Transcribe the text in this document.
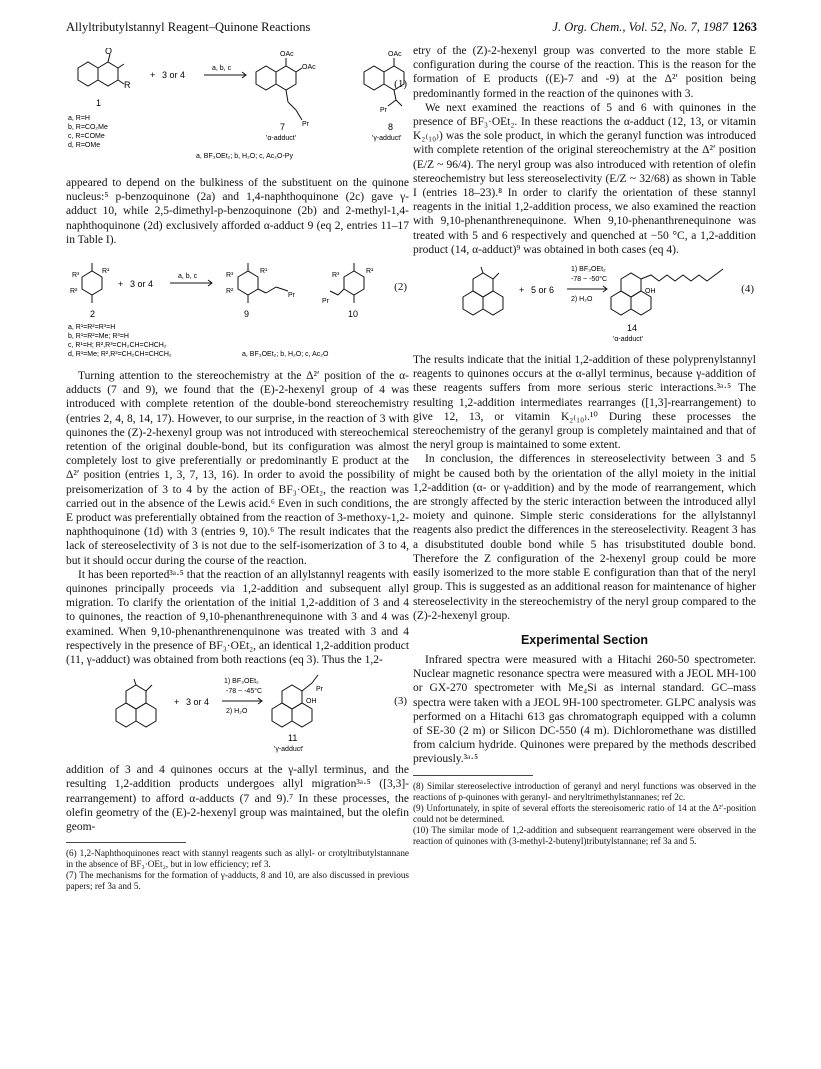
Allyltributylstannyl Reagent–Quinone Reactions	J. Org. Chem., Vol. 52, No. 7, 1987 1263
O
R
1
+ 3 or 4
a, b, c
OAc
OAc
Pr
7
'α-adduct'
OAc
Pr
8
'γ-adduct'
a, R=H
b, R=CO₂Me
c, R=COMe
d, R=OMe
a, BF₃OEt₂; b, H₂O; c, Ac₂O-Py
(1)

appeared to depend on the bulkiness of the substituent on the quinone nucleus:⁵ p-benzoquinone (2a) and 1,4-naphthoquinone (2c) gave γ-adduct 10, while 2,5-dimethyl-p-benzoquinone (2b) and 2-methyl-1,4-naphthoquinone (2d) exclusively afforded α-adduct 9 (eq 2, entries 11–17 in Table I).

R³
R¹
R²
2
+ 3 or 4
a, b, c	R³
R²
R¹
Pr
9
R³
R¹
Pr
10
a, R¹=R²=R³=H
b, R¹=R²=Me; R³=H
c, R¹=H; R²,R³=CH₂CH=CHCH₂
d, R¹=Me; R²,R³=CH₂CH=CHCH₂	a, BF₃OEt₂; b, H₂O; c, Ac₂O
(2)

Turning attention to the stereochemistry at the Δ²ʹ position of the α-adducts (7 and 9), we found that the (E)-2-hexenyl group of 4 was introduced with complete retention of the double-bond stereochemistry (entries 2, 4, 8, 14, 17). However, to our surprise, in the reaction of 3 with quinones the (Z)-2-hexenyl group was not introduced with stereochemical retention of the original double-bond, but its configuration was almost completely lost to give preferentially or predominantly E product at the Δ²ʹ position (entries 1, 3, 7, 13, 16). In order to avoid the possibility of preisomerization of 3 to 4 by the action of BF₃·OEt₂, the reaction was carried out in the absence of the Lewis acid.⁶ Even in such conditions, the E product was preferentially obtained from the reaction of 3-methoxy-1,2-naphthoquinone (1d) with 3 (entries 9, 10).⁶ The result indicates that the lack of stereoselectivity of 3 is not due to the self-isomerization of 3 to 4, but it should occur during the course of the reaction.

It has been reported³ᵃ·⁵ that the reaction of an allylstannyl reagents with quinones principally proceeds via 1,2-addition and subsequent allyl migration. To clarify the orientation of the initial 1,2-addition of 3 and 4 to quinones, the reaction of 9,10-phenanthrenequinone with 3 and 4 was examined. When 9,10-phenanthrenenquinone was treated with 3 and 4 respectively in the presence of BF₃·OEt₂, an identical 1,2-addition product (11, γ-adduct) was obtained from both reactions (eq 3). Thus the 1,2-

+ 3 or 4
1) BF₃OEt₂
-78 ~ -45°C
2) H₂O
Pr
OH
11
'γ-adduct'
(3)

addition of 3 and 4 quinones occurs at the γ-allyl terminus, and the resulting 1,2-addition products undergoes allyl migration³ᵃ·⁵ ([3,3]-rearrangement) to afford α-adducts (7 and 9).⁷ In these processes, the olefin geometry of the (E)-2-hexenyl group was maintained, but the olefin geom-

(6) 1,2-Naphthoquinones react with stannyl reagents such as allyl- or crotyltributylstannane in the absence of BF₃·OEt₂, but in low efficiency; ref 3.

(7) The mechanisms for the formation of γ-adducts, 8 and 10, are also discussed in previous papers; ref 3a and 5.

etry of the (Z)-2-hexenyl group was converted to the more stable E configuration during the course of the reaction. This is the reason for the formation of E products ((E)-7 and -9) at the Δ²ʹ position being predominantly formed in the reaction of the quinones with 3.

We next examined the reactions of 5 and 6 with quinones in the presence of BF₃·OEt₂. In these reactions the α-adduct (12, 13, or vitamin K₂₍₁₀₎) was the sole product, in which the geranyl function was introduced with complete retention of the original stereochemistry at the Δ²ʹ position (E/Z ~ 96/4). The neryl group was also introduced with retention of olefin stereochemistry but less stereoselectivity (E/Z ~ 32/68) as shown in Table I (entries 18–23).⁸ In order to clarify the orientation of these stannyl reagents in the initial 1,2-addition process, we also examined the reaction with 9,10-phenanthrenequinone. When 9,10-phenanthrenequinone was treated with 5 and 6 respectively and quenched at −50 °C, a 1,2-addition product (14, α-adduct)⁹ was obtained in both cases (eq 4).

+ 5 or 6
1) BF₃OEt₂
-78 ~ -50°C
2) H₂O
OH
14
'α-adduct'
(4)

The results indicate that the initial 1,2-addition of these polyprenylstannyl reagents to quinones occurs at the α-allyl terminus, because γ-addition of these reagents suffers from more serious steric interactions.³ᵃ·⁵ The resulting 1,2-addition intermediates rearranges ([1,3]-rearrangement) to give 12, 13, or vitamin K₂₍₁₀₎.¹⁰ During these processes the stereochemistry of the geranyl group is completely maintained and that of the neryl group is maintained to some extent.

In conclusion, the differences in stereoselectivity between 3 and 5 might be caused both by the orientation of the allyl moiety in the initial 1,2-addition (α- or γ-addition) and by the mode of rearrangement, which are strongly affected by the steric interaction between the introduced allyl moiety and quinone. Simple steric considerations for the allylstannyl reagents also predict the differences in the stereoselectivity. Reagent 3 has a disubstituted double bond while 5 has trisubstituted double bond. Therefore the Z configuration of the 2-hexenyl group could be more easily isomerized to the more stable E configuration than that of the neryl group. This is suggested as an additional reason for maintenance of higher stereoselectivity in the stereochemistry of the neryl group compared to the (Z)-2-hexenyl group.

Experimental Section

Infrared spectra were measured with a Hitachi 260-50 spectrometer. Nuclear magnetic resonance spectra were measured with a JEOL MH-100 or GX-270 spectrometer with Me₄Si as internal standard. GC–mass spectra were taken with a JEOL 9H-100 spectrometer. GLPC analysis was performed on a Hitachi 613 gas chromatograph equipped with a column of SE-30 (2 m) or Silicon DC-550 (4 m). Dichloromethane was distilled from calcium hydride. Quinones were prepared by the methods described previously.³ᵃ·⁵

(8) Similar stereoselective introduction of geranyl and neryl functions was observed in the reactions of p-quinones with geranyl- and neryltrimethylstannanes; ref 2c.

(9) Unfortunately, in spite of several efforts the stereoisomeric ratio of 14 at the Δ²ʹ-position could not be determined.

(10) The similar mode of 1,2-addition and subsequent rearrangement were observed in the reaction of quinones with (3-methyl-2-butenyl)tributylstannane; ref 3a and 5.
